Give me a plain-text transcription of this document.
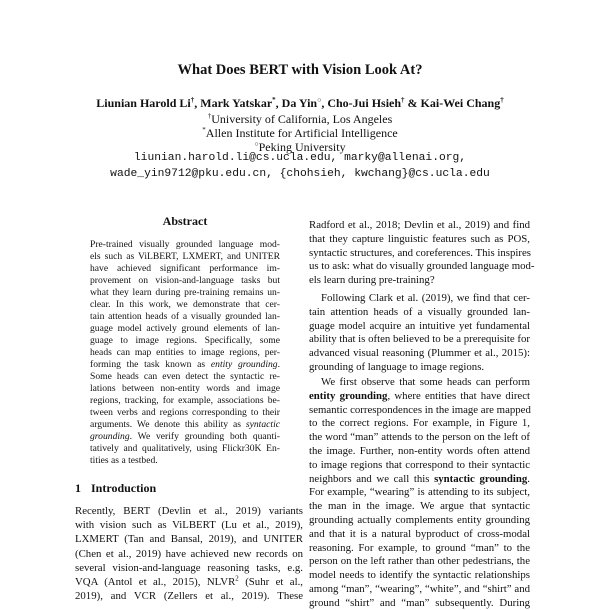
What Does BERT with Vision Look At?
Liunian Harold Li†, Mark Yatskar*, Da Yin○, Cho-Jui Hsieh† & Kai-Wei Chang†
†University of California, Los Angeles
*Allen Institute for Artificial Intelligence
○Peking University
liunian.harold.li@cs.ucla.edu, marky@allenai.org,
wade_yin9712@pku.edu.cn, {chohsieh, kwchang}@cs.ucla.edu
Abstract
Pre-trained visually grounded language mod-
els such as ViLBERT, LXMERT, and UNITER
have achieved significant performance im-
provement on vision-and-language tasks but
what they learn during pre-training remains un-
clear. In this work, we demonstrate that cer-
tain attention heads of a visually grounded lan-
guage model actively ground elements of lan-
guage to image regions. Specifically, some
heads can map entities to image regions, per-
forming the task known as entity grounding.
Some heads can even detect the syntactic re-
lations between non-entity words and image
regions, tracking, for example, associations be-
tween verbs and regions corresponding to their
arguments. We denote this ability as syntactic
grounding. We verify grounding both quanti-
tatively and qualitatively, using Flickr30K En-
tities as a testbed.
1 Introduction
Recently, BERT (Devlin et al., 2019) variants
with vision such as ViLBERT (Lu et al., 2019),
LXMERT (Tan and Bansal, 2019), and UNITER
(Chen et al., 2019) have achieved new records on
several vision-and-language reasoning tasks, e.g.
VQA (Antol et al., 2015), NLVR$^2$ (Suhr et al.,
2019), and VCR (Zellers et al., 2019). These
Radford et al., 2018; Devlin et al., 2019) and find
that they capture linguistic features such as POS,
syntactic structures, and coreferences. This inspires
us to ask: what do visually grounded language mod-
els learn during pre-training?
Following Clark et al. (2019), we find that cer-
tain attention heads of a visually grounded lan-
guage model acquire an intuitive yet fundamental
ability that is often believed to be a prerequisite for
advanced visual reasoning (Plummer et al., 2015):
grounding of language to image regions.
We first observe that some heads can perform
entity grounding, where entities that have direct
semantic correspondences in the image are mapped
to the correct regions. For example, in Figure 1,
the word “man” attends to the person on the left of
the image. Further, non-entity words often attend
to image regions that correspond to their syntactic
neighbors and we call this syntactic grounding.
For example, “wearing” is attending to its subject,
the man in the image. We argue that syntactic
grounding actually complements entity grounding
and that it is a natural byproduct of cross-modal
reasoning. For example, to ground “man” to the
person on the left rather than other pedestrians, the
model needs to identify the syntactic relationships
among “man”, “wearing”, “white”, and “shirt” and
ground “shirt” and “man” subsequently. During
